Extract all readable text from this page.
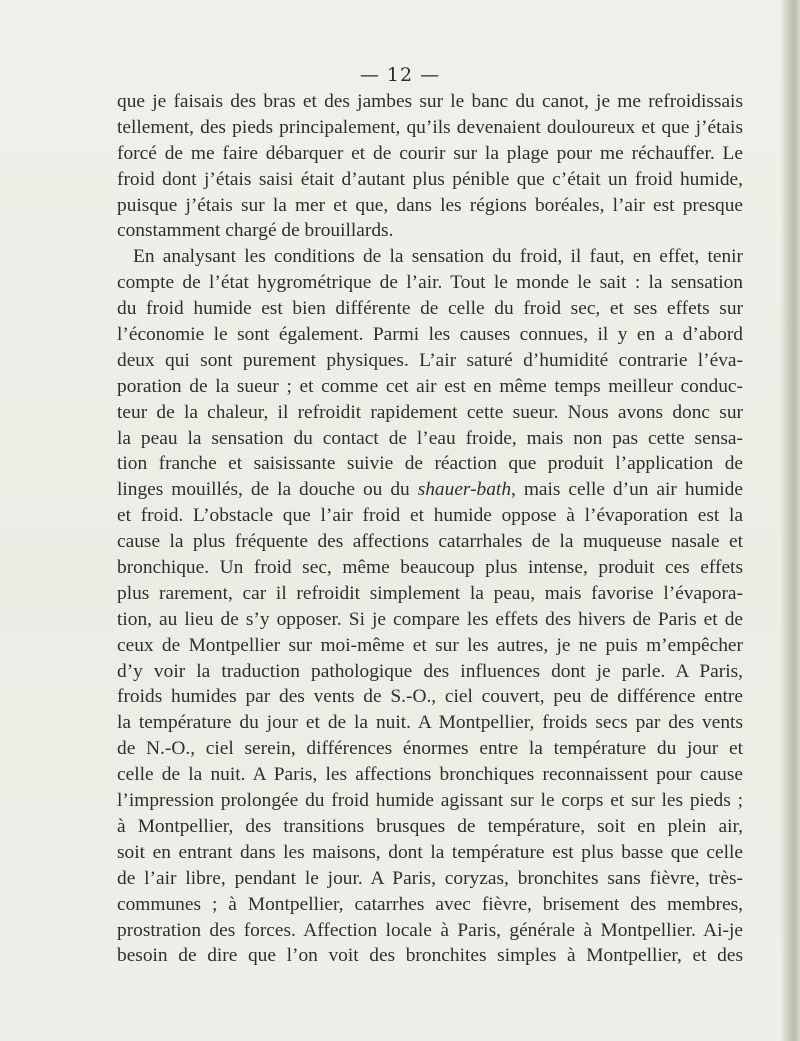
— 12 —
que je faisais des bras et des jambes sur le banc du canot, je me refroidissais
tellement, des pieds principalement, qu’ils devenaient douloureux et que j’étais
forcé de me faire débarquer et de courir sur la plage pour me réchauffer. Le
froid dont j’étais saisi était d’autant plus pénible que c’était un froid humide,
puisque j’étais sur la mer et que, dans les régions boréales, l’air est presque
constamment chargé de brouillards.
En analysant les conditions de la sensation du froid, il faut, en effet, tenir
compte de l’état hygrométrique de l’air. Tout le monde le sait : la sensation
du froid humide est bien différente de celle du froid sec, et ses effets sur
l’économie le sont également. Parmi les causes connues, il y en a d’abord
deux qui sont purement physiques. L’air saturé d’humidité contrarie l’éva-
poration de la sueur ; et comme cet air est en même temps meilleur conduc-
teur de la chaleur, il refroidit rapidement cette sueur. Nous avons donc sur
la peau la sensation du contact de l’eau froide, mais non pas cette sensa-
tion franche et saisissante suivie de réaction que produit l’application de
linges mouillés, de la douche ou du shauer-bath, mais celle d’un air humide
et froid. L’obstacle que l’air froid et humide oppose à l’évaporation est la
cause la plus fréquente des affections catarrhales de la muqueuse nasale et
bronchique. Un froid sec, même beaucoup plus intense, produit ces effets
plus rarement, car il refroidit simplement la peau, mais favorise l’évapora-
tion, au lieu de s’y opposer. Si je compare les effets des hivers de Paris et de
ceux de Montpellier sur moi-même et sur les autres, je ne puis m’empêcher
d’y voir la traduction pathologique des influences dont je parle. A Paris,
froids humides par des vents de S.-O., ciel couvert, peu de différence entre
la température du jour et de la nuit. A Montpellier, froids secs par des vents
de N.-O., ciel serein, différences énormes entre la température du jour et
celle de la nuit. A Paris, les affections bronchiques reconnaissent pour cause
l’impression prolongée du froid humide agissant sur le corps et sur les pieds ;
à Montpellier, des transitions brusques de température, soit en plein air,
soit en entrant dans les maisons, dont la température est plus basse que celle
de l’air libre, pendant le jour. A Paris, coryzas, bronchites sans fièvre, très-
communes ; à Montpellier, catarrhes avec fièvre, brisement des membres,
prostration des forces. Affection locale à Paris, générale à Montpellier. Ai-je
besoin de dire que l’on voit des bronchites simples à Montpellier, et des
